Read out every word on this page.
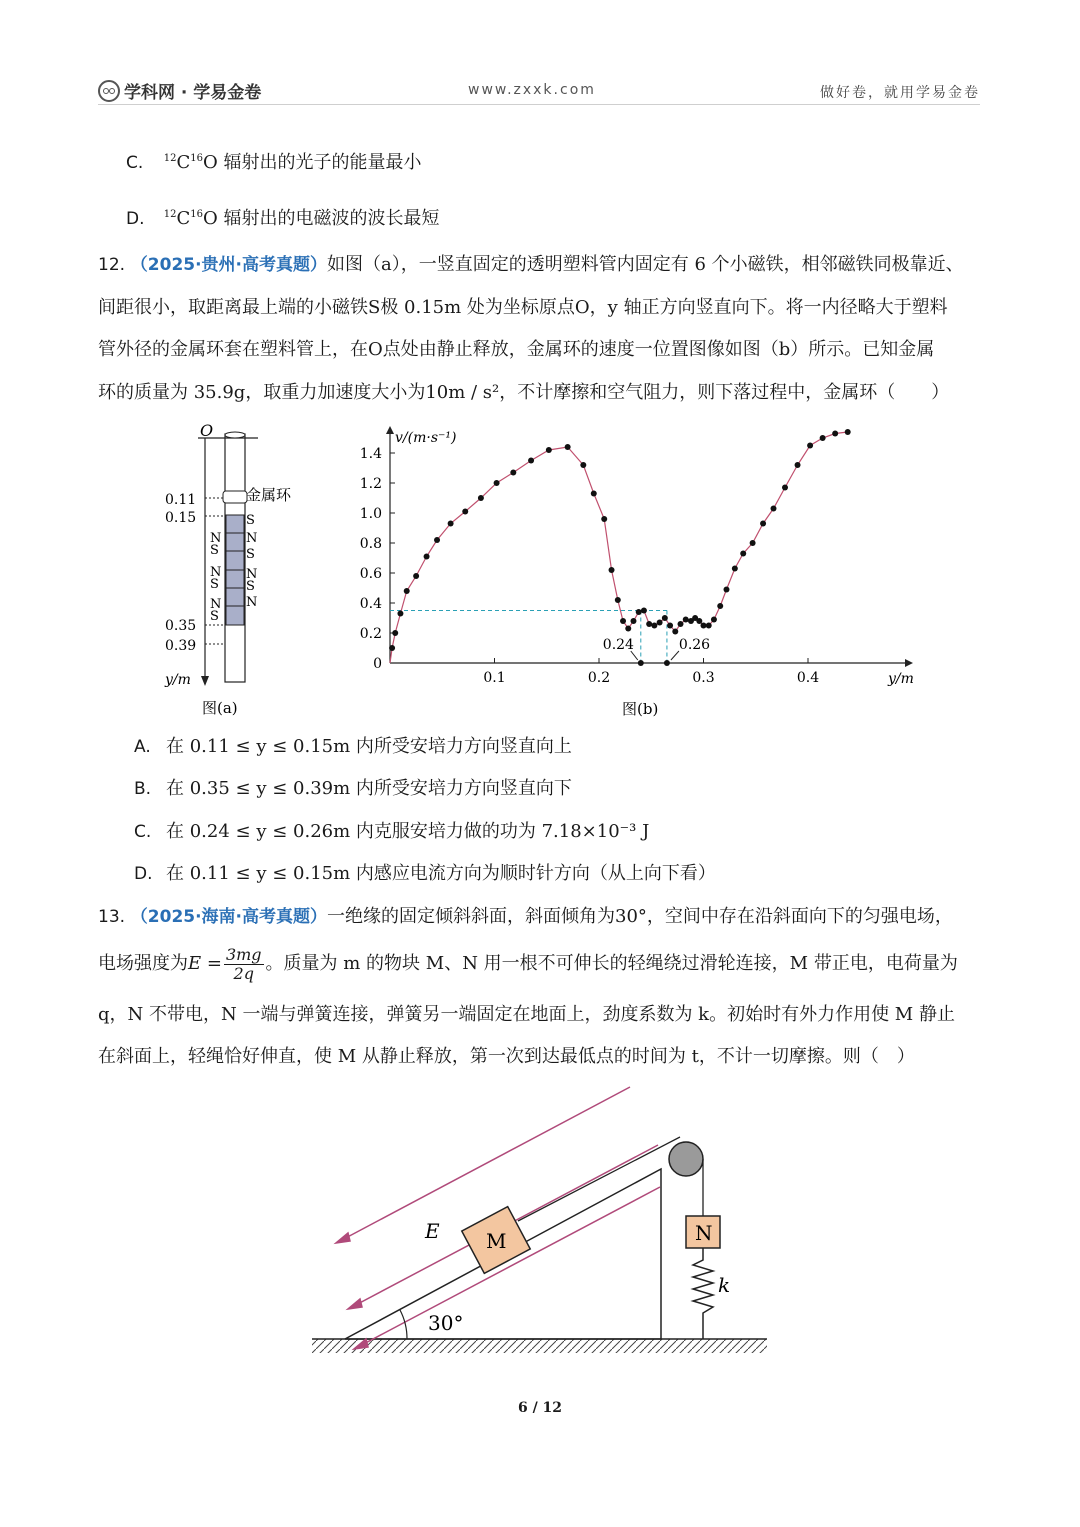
学科网 · 学易金卷	www.zxxk.com	做好卷，就用学易金卷
C. $^{12}C^{16}O$ 辐射出的光子的能量最小
D. $^{12}C^{16}O$ 辐射出的电磁波的波长最短
12. （2025·贵州·高考真题）如图（a），一竖直固定的透明塑料管内固定有 6 个小磁铁，相邻磁铁同极靠近、
间距很小，取距离最上端的小磁铁S极 0.15m 处为坐标原点O，y 轴正方向竖直向下。将一内径略大于塑料
管外径的金属环套在塑料管上，在O点处由静止释放，金属环的速度一位置图像如图（b）所示。已知金属
环的质量为 35.9g，取重力加速度大小为10m / s²，不计摩擦和空气阻力，则下落过程中，金属环（　　）
O
金属环
0.11
0.15
0.35
0.39
N
S
N
S
N
S
S
N
S
N
S
N
y/m
图(a)
v/(m·s⁻¹)
y/m
图(b)
0
0.2
0.4
0.6
0.8
1.0
1.2
1.4
0.1	0.2	0.3	0.4
0.24	0.26
A. 在 0.11 ≤ y ≤ 0.15m 内所受安培力方向竖直向上
B. 在 0.35 ≤ y ≤ 0.39m 内所受安培力方向竖直向下
C. 在 0.24 ≤ y ≤ 0.26m 内克服安培力做的功为 7.18×10⁻³ J
D. 在 0.11 ≤ y ≤ 0.15m 内感应电流方向为顺时针方向（从上向下看）
13. （2025·海南·高考真题）一绝缘的固定倾斜斜面，斜面倾角为30°，空间中存在沿斜面向下的匀强电场，
电场强度为$E = \frac{3mg}{2q}$ 。质量为 m 的物块 M、N 用一根不可伸长的轻绳绕过滑轮连接，M 带正电，电荷量为
q，N 不带电，N 一端与弹簧连接，弹簧另一端固定在地面上，劲度系数为 k。初始时有外力作用使 M 静止
在斜面上，轻绳恰好伸直，使 M 从静止释放，第一次到达最低点的时间为 t，不计一切摩擦。则（　）
E M	N
k
30°
6 / 12
